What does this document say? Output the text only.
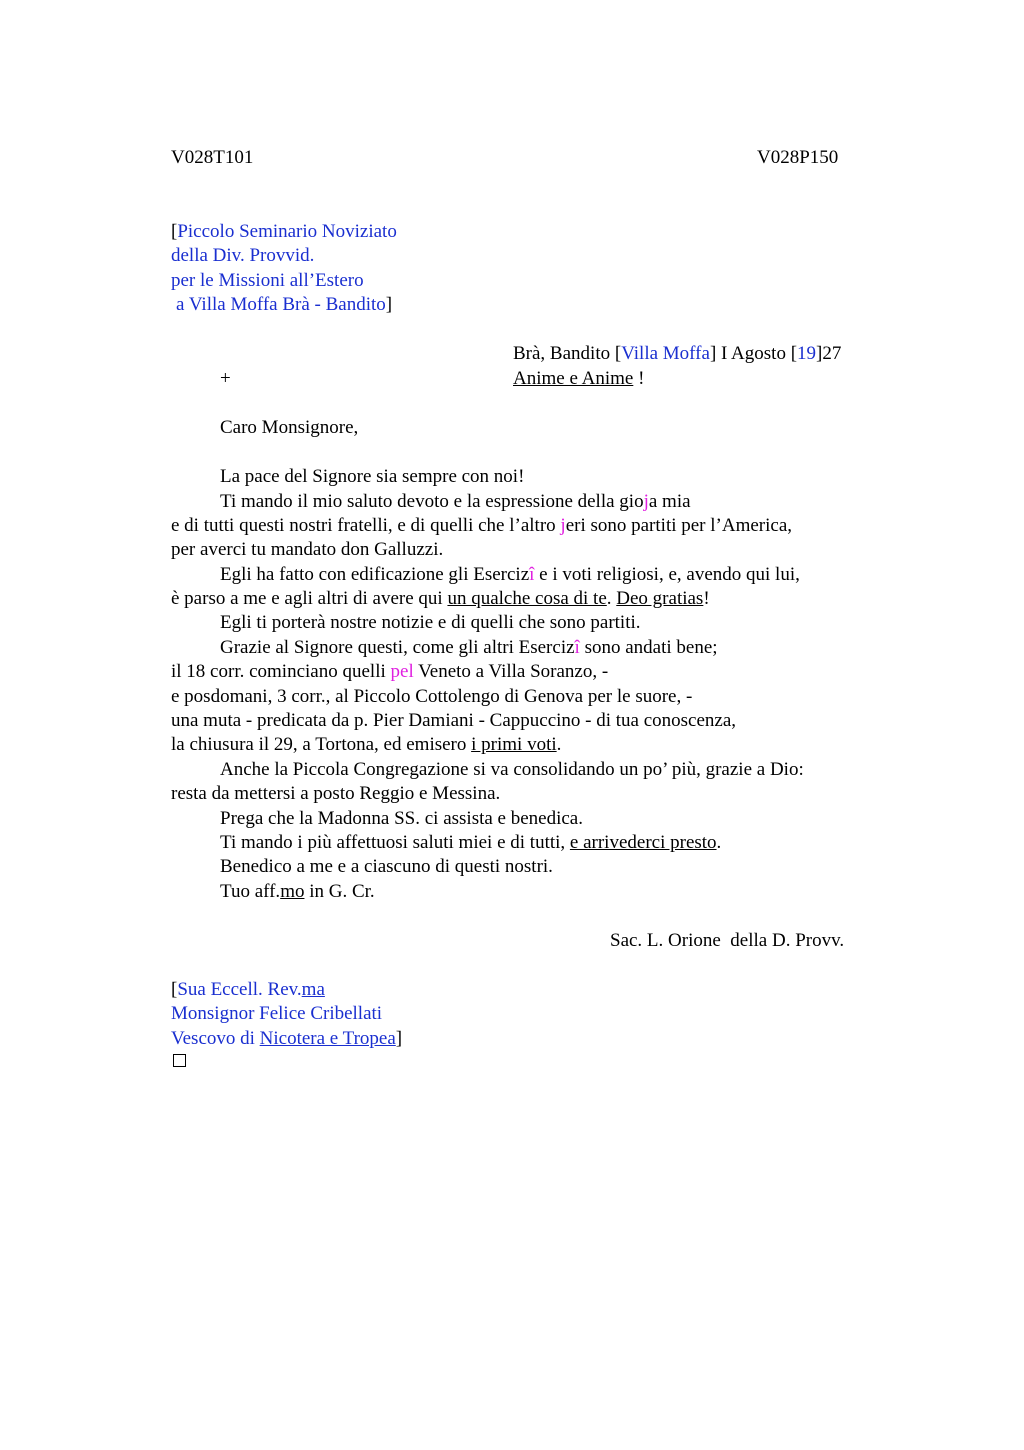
V028T101	V028P150
[Piccolo Seminario Noviziato
della Div. Provvid.
per le Missioni all’Estero
a Villa Moffa Brà - Bandito]
Brà, Bandito [Villa Moffa] I Agosto [19]27
+	Anime e Anime !
Caro Monsignore,
La pace del Signore sia sempre con noi!
Ti mando il mio saluto devoto e la espressione della gioja mia
e di tutti questi nostri fratelli, e di quelli che l’altro jeri sono partiti per l’America,
per averci tu mandato don Galluzzi.
Egli ha fatto con edificazione gli Esercizî e i voti religiosi, e, avendo qui lui,
è parso a me e agli altri di avere qui un qualche cosa di te. Deo gratias!
Egli ti porterà nostre notizie e di quelli che sono partiti.
Grazie al Signore questi, come gli altri Esercizî sono andati bene;
il 18 corr. cominciano quelli pel Veneto a Villa Soranzo, -
e posdomani, 3 corr., al Piccolo Cottolengo di Genova per le suore, -
una muta - predicata da p. Pier Damiani - Cappuccino - di tua conoscenza,
la chiusura il 29, a Tortona, ed emisero i primi voti.
Anche la Piccola Congregazione si va consolidando un po’ più, grazie a Dio:
resta da mettersi a posto Reggio e Messina.
Prega che la Madonna SS. ci assista e benedica.
Ti mando i più affettuosi saluti miei e di tutti, e arrivederci presto.
Benedico a me e a ciascuno di questi nostri.
Tuo aff.mo in G. Cr.
Sac. L. Orione  della D. Provv.
[Sua Eccell. Rev.ma
Monsignor Felice Cribellati
Vescovo di Nicotera e Tropea]
